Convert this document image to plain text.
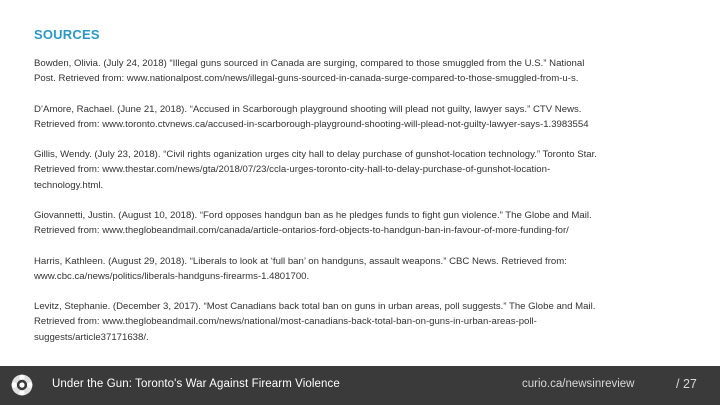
SOURCES

Bowden, Olivia. (July 24, 2018) “Illegal guns sourced in Canada are surging, compared to those smuggled from the U.S.” National
Post. Retrieved from: www.nationalpost.com/news/illegal-guns-sourced-in-canada-surge-compared-to-those-smuggled-from-u-s.

D’Amore, Rachael. (June 21, 2018). “Accused in Scarborough playground shooting will plead not guilty, lawyer says.” CTV News.
Retrieved from: www.toronto.ctvnews.ca/accused-in-scarborough-playground-shooting-will-plead-not-guilty-lawyer-says-1.3983554

Gillis, Wendy. (July 23, 2018). “Civil rights oganization urges city hall to delay purchase of gunshot-location technology.” Toronto Star.
Retrieved from: www.thestar.com/news/gta/2018/07/23/ccla-urges-toronto-city-hall-to-delay-purchase-of-gunshot-location-
technology.html.

Giovannetti, Justin. (August 10, 2018). “Ford opposes handgun ban as he pledges funds to fight gun violence.” The Globe and Mail.
Retrieved from: www.theglobeandmail.com/canada/article-ontarios-ford-objects-to-handgun-ban-in-favour-of-more-funding-for/

Harris, Kathleen. (August 29, 2018). “Liberals to look at ‘full ban’ on handguns, assault weapons.” CBC News. Retrieved from:
www.cbc.ca/news/politics/liberals-handguns-firearms-1.4801700.

Levitz, Stephanie. (December 3, 2017). “Most Canadians back total ban on guns in urban areas, poll suggests.” The Globe and Mail.
Retrieved from: www.theglobeandmail.com/news/national/most-canadians-back-total-ban-on-guns-in-urban-areas-poll-
suggests/article37171638/.

Under the Gun: Toronto's War Against Firearm Violence	curio.ca/newsinreview	/ 27
